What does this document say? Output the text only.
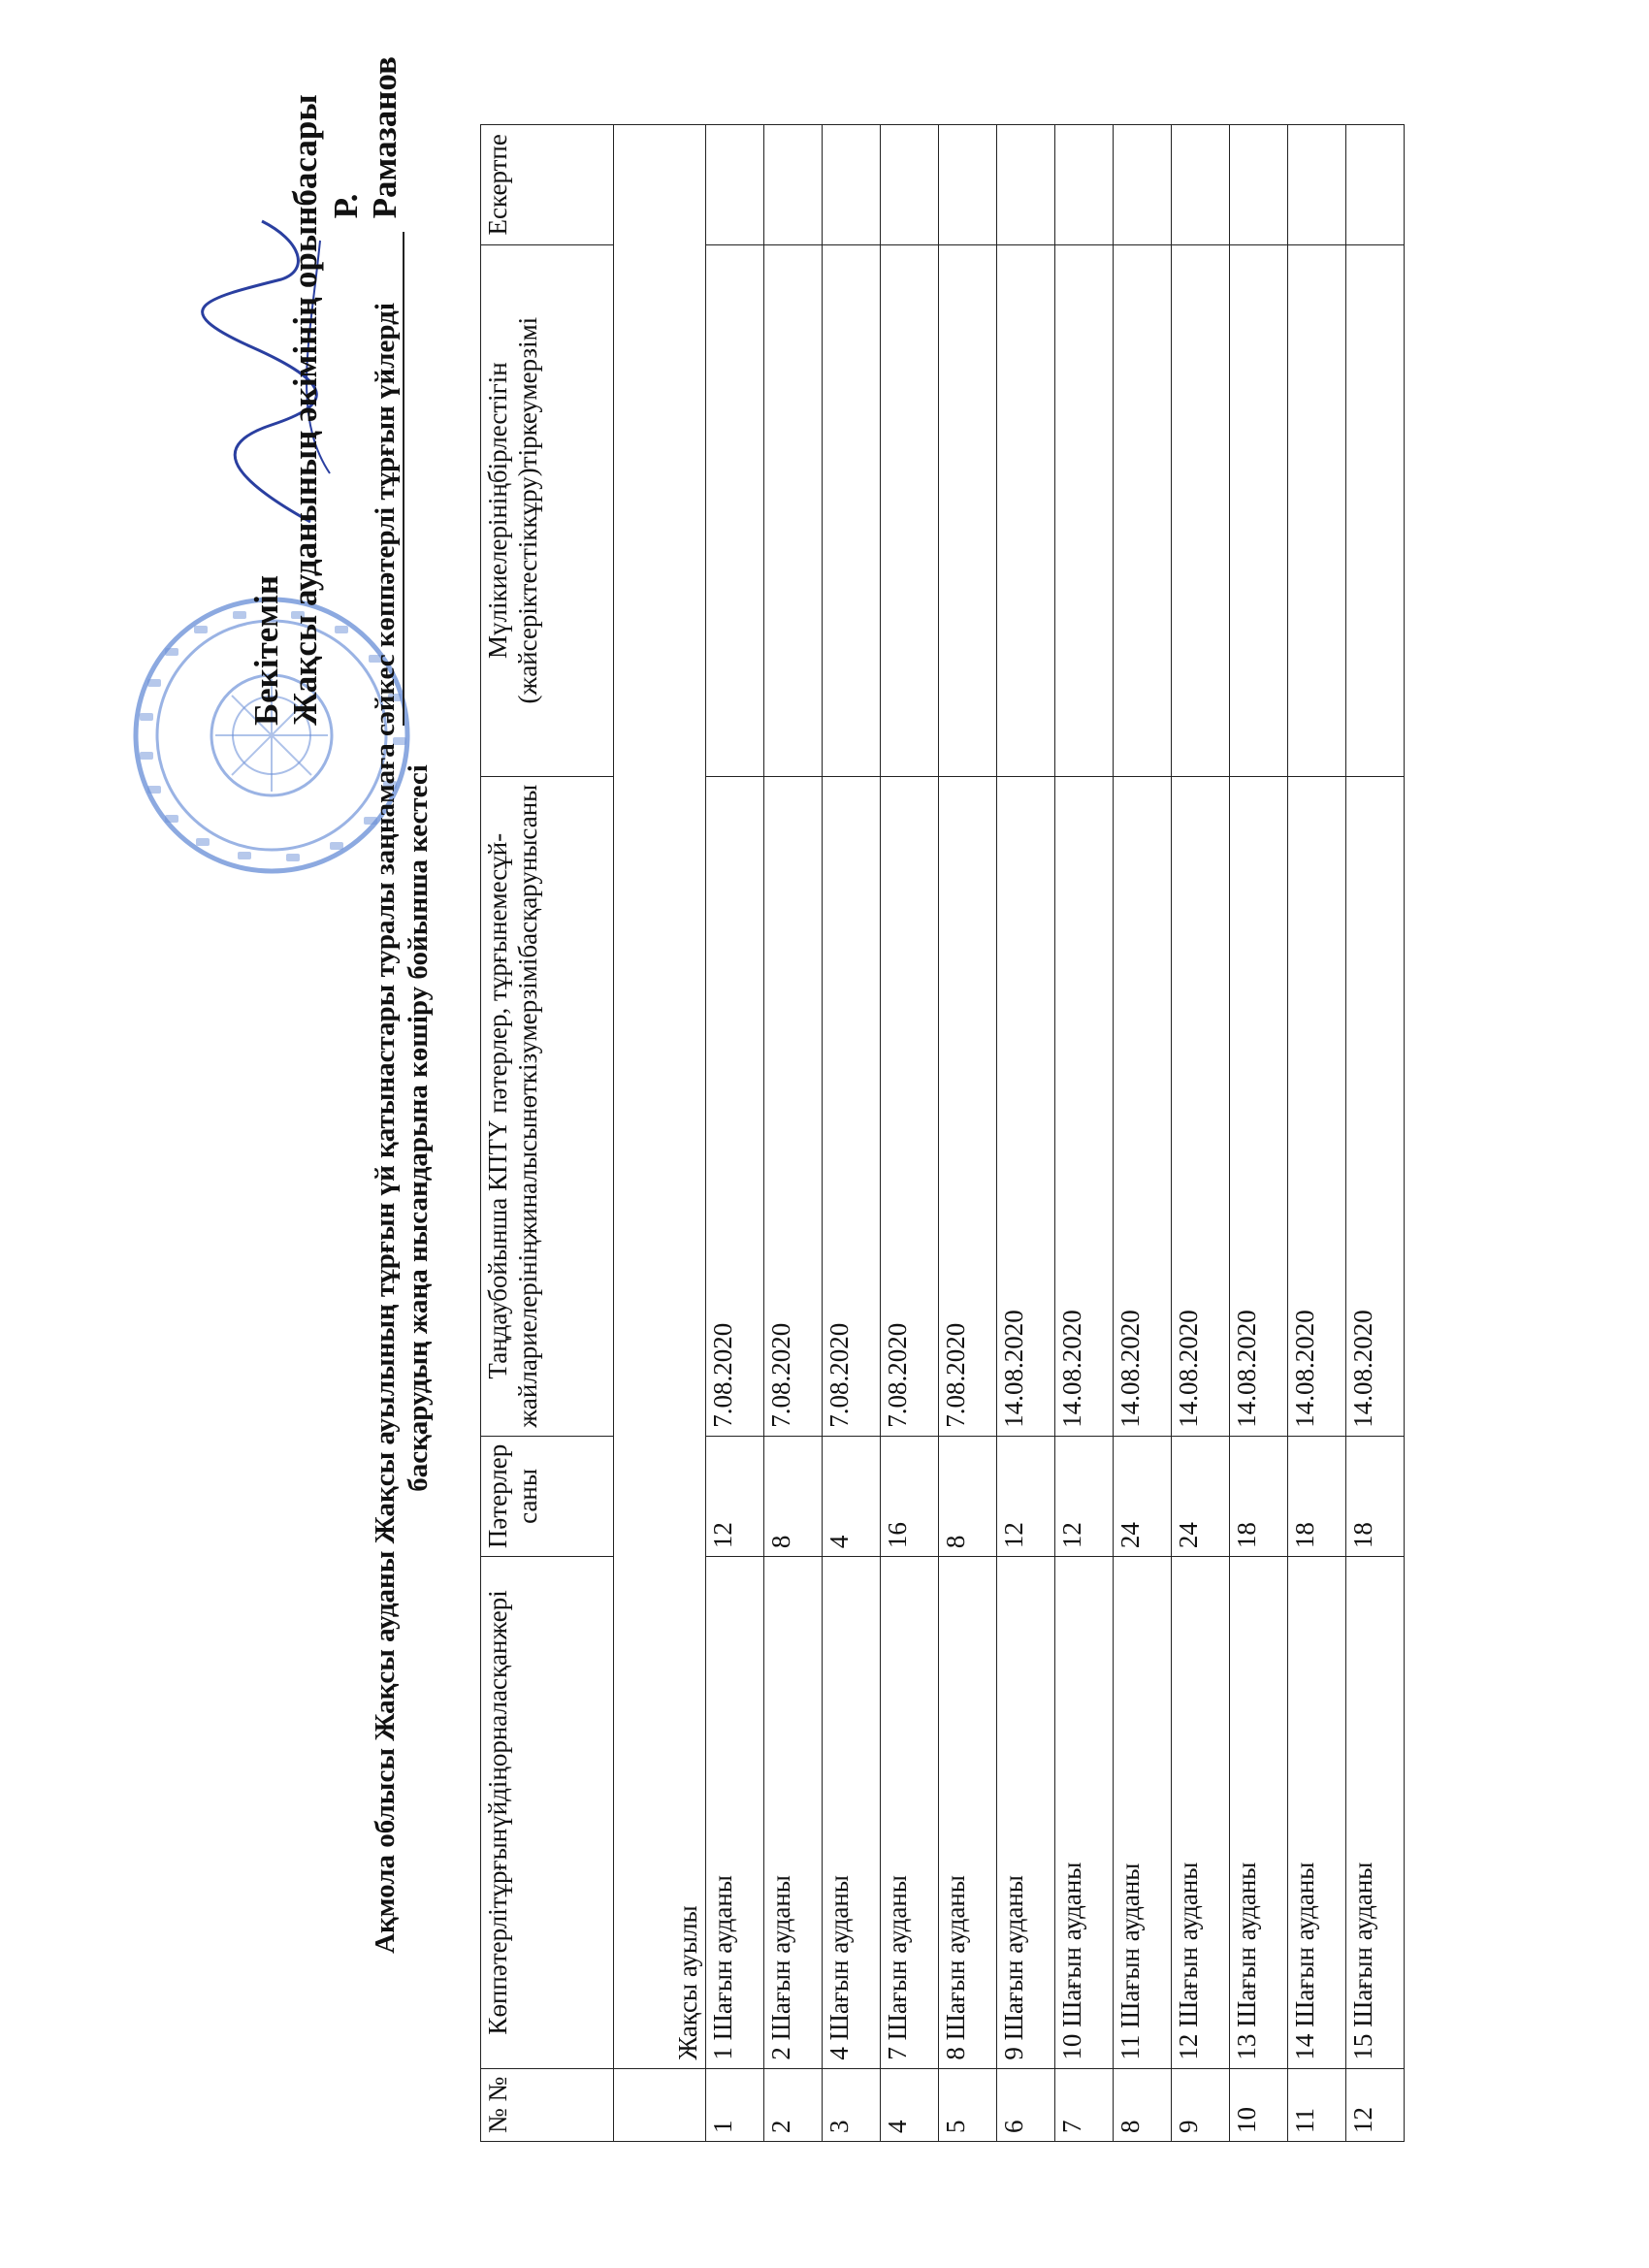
Бекітемін Жақсы ауданының әкімінің орынбасары Р. Рамазанов
Ақмола облысы Жақсы ауданы Жақсы ауылының тұрғын үй қатынастары туралы заңнамаға сәйкес көппәтерлі тұрғын үйлерді басқарудың жаңа нысандарына көшіру бойынша кестесі
№ №	Көппәтерлітұрғынүйдіңорналасқанжері	Пәтерлер саны	Таңдаубойынша КПТҮ пәтерлер, тұрғынемесұй-жайлариелерініңжиналысынөткізумерзімібасқарунысаны	Мүлікиелерініңбірлестігін (жайсеріктестіккұру)тіркеумерзімі	Ескертпе
	Жақсы ауылы				
1	1 Шағын ауданы	12	7.08.2020		
2	2 Шағын ауданы	8	7.08.2020		
3	4 Шағын ауданы	4	7.08.2020		
4	7 Шағын ауданы	16	7.08.2020		
5	8 Шағын ауданы	8	7.08.2020		
6	9 Шағын ауданы	12	14.08.2020		
7	10 Шағын ауданы	12	14.08.2020		
8	11 Шағын ауданы	24	14.08.2020		
9	12 Шағын ауданы	24	14.08.2020		
10	13 Шағын ауданы	18	14.08.2020		
11	14 Шағын ауданы	18	14.08.2020		
12	15 Шағын ауданы	18	14.08.2020		
